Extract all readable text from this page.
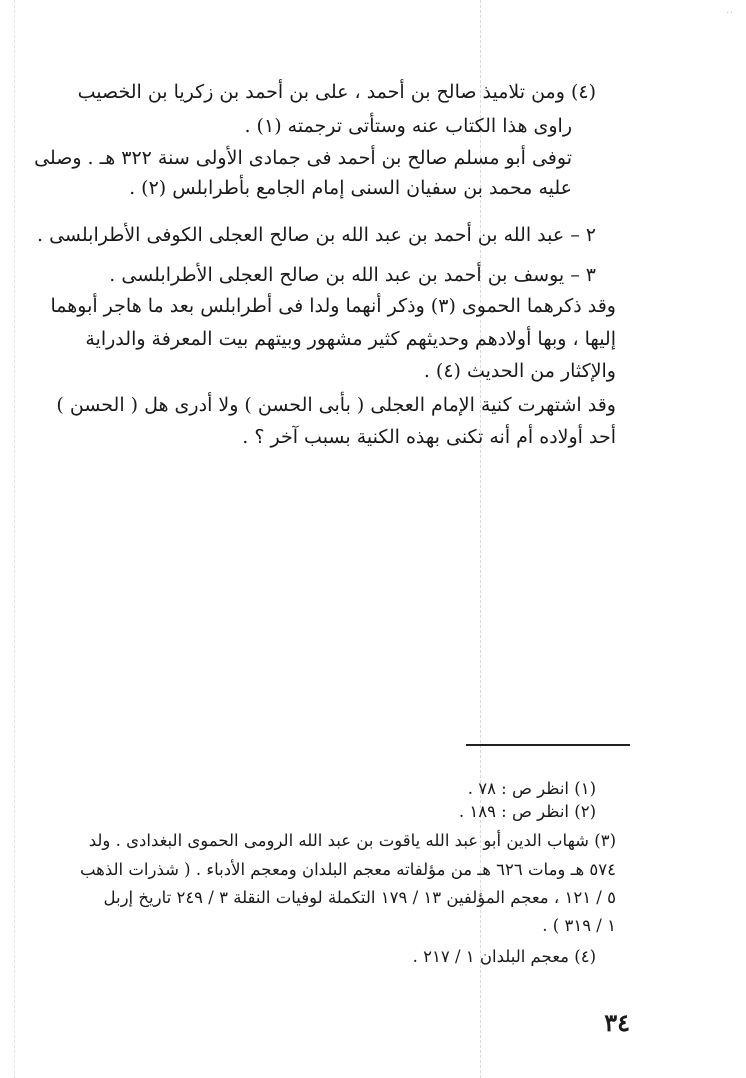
..
(٤) ومن تلاميذ صالح بن أحمد ، على بن أحمد بن زكريا بن الخصيب
راوى هذا الكتاب عنه وستأتى ترجمته (١) .
توفى أبو مسلم صالح بن أحمد فى جمادى الأولى سنة ٣٢٢ هـ . وصلى
عليه محمد بن سفيان السنى إمام الجامع بأطرابلس (٢) .
٢ – عبد الله بن أحمد بن عبد الله بن صالح العجلى الكوفى الأطرابلسى .
٣ – يوسف بن أحمد بن عبد الله بن صالح العجلى الأطرابلسى .
وقد ذكرهما الحموى (٣) وذكر أنهما ولدا فى أطرابلس بعد ما هاجر أبوهما
إليها ، وبها أولادهم وحديثهم كثير مشهور وبيتهم بيت المعرفة والدراية
والإكثار من الحديث (٤) .
وقد اشتهرت كنية الإمام العجلى ( بأبى الحسن ) ولا أدرى هل ( الحسن )
أحد أولاده أم أنه تكنى بهذه الكنية بسبب آخر ؟ .
(١) انظر ص : ٧٨ .
(٢) انظر ص : ١٨٩ .
(٣) شهاب الدين أبو عبد الله ياقوت بن عبد الله الرومى الحموى البغدادى . ولد
٥٧٤ هـ ومات ٦٢٦ هـ من مؤلفاته معجم البلدان ومعجم الأدباء . ( شذرات الذهب
٥ / ١٢١ ، معجم المؤلفين ١٣ / ١٧٩ التكملة لوفيات النقلة ٣ / ٢٤٩ تاريخ إربل
١ / ٣١٩ ) .
(٤) معجم البلدان ١ / ٢١٧ .
٣٤
